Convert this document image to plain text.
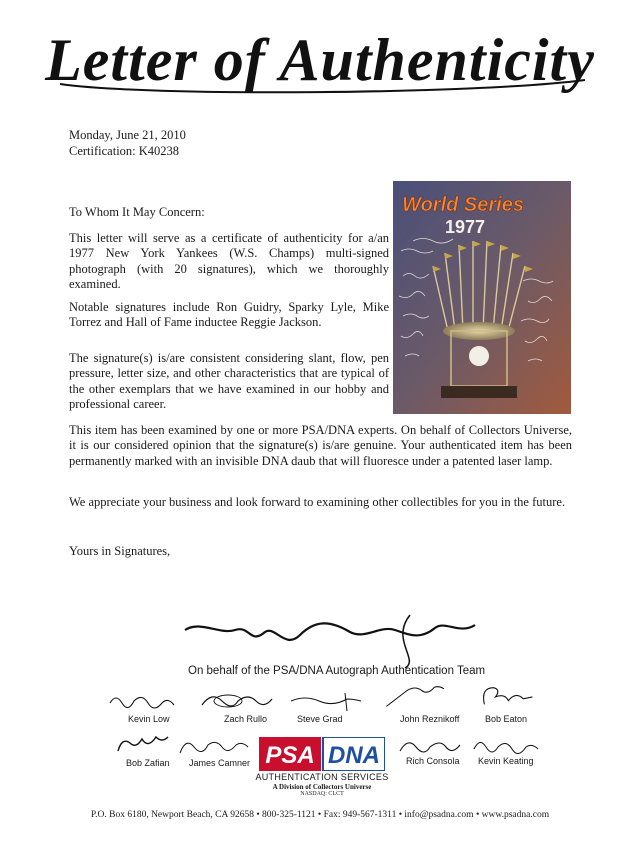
Letter of Authenticity
Monday, June 21, 2010
Certification: K40238
World Series
1977
To Whom It May Concern:
This letter will serve as a certificate of authenticity for a/an 1977 New York Yankees (W.S. Champs) multi-signed photograph (with 20 signatures), which we thoroughly examined.
Notable signatures include Ron Guidry, Sparky Lyle, Mike Torrez and Hall of Fame inductee Reggie Jackson.
The signature(s) is/are consistent considering slant, flow, pen pressure, letter size, and other characteristics that are typical of the other exemplars that we have examined in our hobby and professional career.
This item has been examined by one or more PSA/DNA experts. On behalf of Collectors Universe, it is our considered opinion that the signature(s) is/are genuine. Your authenticated item has been permanently marked with an invisible DNA daub that will fluoresce under a patented laser lamp.
We appreciate your business and look forward to examining other collectibles for you in the future.
Yours in Signatures,
On behalf of the PSA/DNA Autograph Authentication Team
Kevin Low	Zach Rullo	Steve Grad	John Reznikoff	Bob Eaton
Bob Zafian James Camner	Rich Consola Kevin Keating
PSA DNA
AUTHENTICATION SERVICES
A Division of Collectors Universe
NASDAQ: CLCT
P.O. Box 6180, Newport Beach, CA 92658 • 800-325-1121 • Fax: 949-567-1311 • info@psadna.com • www.psadna.com
